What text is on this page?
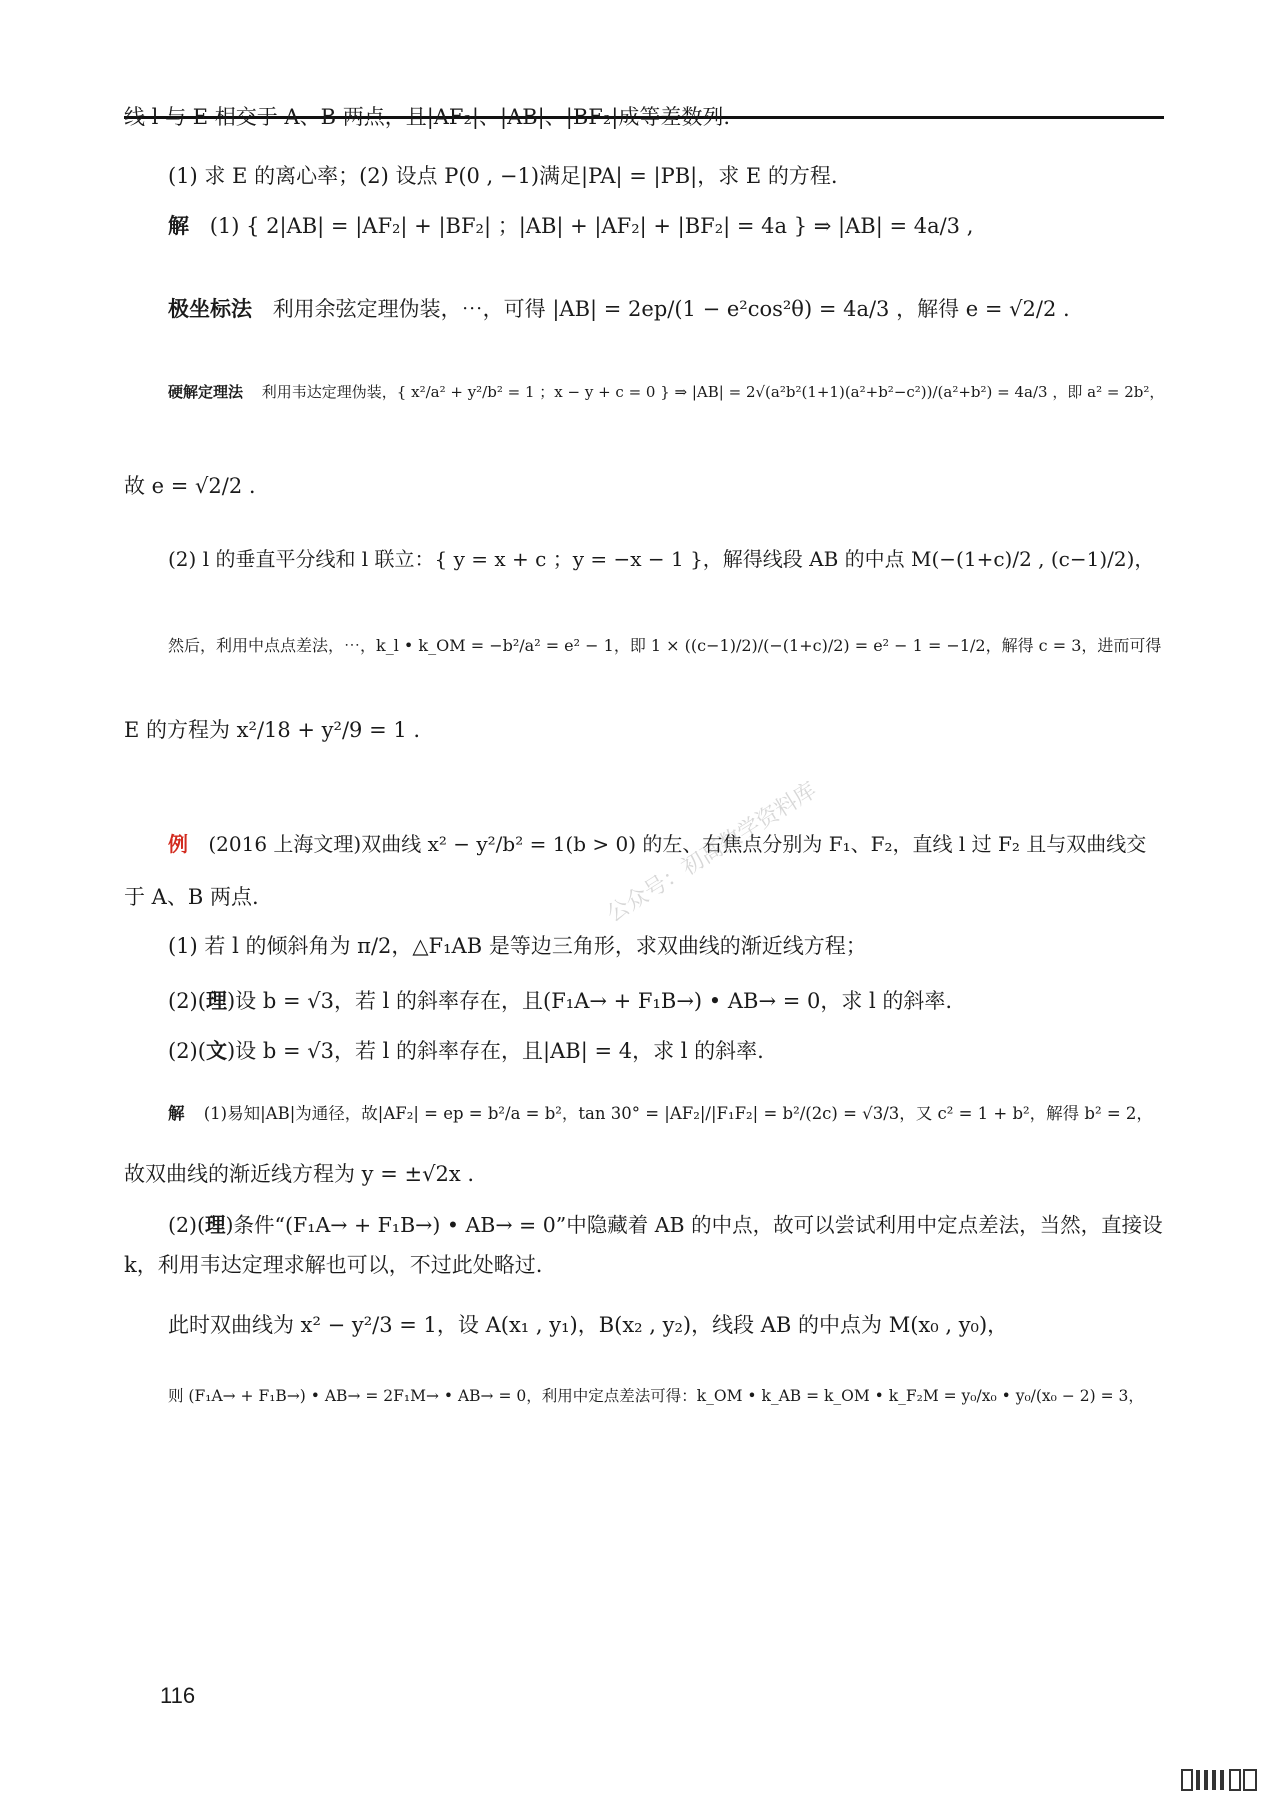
线 l 与 E 相交于 A、B 两点，且|AF₂|、|AB|、|BF₂|成等差数列.
(1) 求 E 的离心率；(2) 设点 P(0 , −1)满足|PA| = |PB|，求 E 的方程.
解 (1) { 2|AB| = |AF₂| + |BF₂| ；|AB| + |AF₂| + |BF₂| = 4a } ⇒ |AB| = 4a/3 ,
极坐标法 利用余弦定理伪装，⋯，可得 |AB| = 2ep/(1 − e²cos²θ) = 4a/3 ，解得 e = √2/2 .
硬解定理法 利用韦达定理伪装，{ x²/a² + y²/b² = 1 ；x − y + c = 0 } ⇒ |AB| = 2√(a²b²(1+1)(a²+b²−c²))/(a²+b²) = 4a/3 ，即 a² = 2b²，
故 e = √2/2 .
(2) l 的垂直平分线和 l 联立：{ y = x + c ；y = −x − 1 }，解得线段 AB 的中点 M(−(1+c)/2 , (c−1)/2)，
然后，利用中点点差法，⋯，k_l • k_OM = −b²/a² = e² − 1，即 1 × ((c−1)/2)/(−(1+c)/2) = e² − 1 = −1/2，解得 c = 3，进而可得
E 的方程为 x²/18 + y²/9 = 1 .
公众号：初高数学资料库
例 (2016 上海文理)双曲线 x² − y²/b² = 1(b > 0) 的左、右焦点分别为 F₁、F₂，直线 l 过 F₂ 且与双曲线交
于 A、B 两点.
(1) 若 l 的倾斜角为 π/2，△F₁AB 是等边三角形，求双曲线的渐近线方程；
(2)(理)设 b = √3，若 l 的斜率存在，且(F₁A→ + F₁B→) • AB→ = 0，求 l 的斜率.
(2)(文)设 b = √3，若 l 的斜率存在，且|AB| = 4，求 l 的斜率.
解 (1)易知|AB|为通径，故|AF₂| = ep = b²/a = b²，tan 30° = |AF₂|/|F₁F₂| = b²/(2c) = √3/3，又 c² = 1 + b²，解得 b² = 2，
故双曲线的渐近线方程为 y = ±√2x .
(2)(理)条件“(F₁A→ + F₁B→) • AB→ = 0”中隐藏着 AB 的中点，故可以尝试利用中定点差法，当然，直接设
k，利用韦达定理求解也可以，不过此处略过.
此时双曲线为 x² − y²/3 = 1，设 A(x₁ , y₁)，B(x₂ , y₂)，线段 AB 的中点为 M(x₀ , y₀)，
则 (F₁A→ + F₁B→) • AB→ = 2F₁M→ • AB→ = 0，利用中定点差法可得：k_OM • k_AB = k_OM • k_F₂M = y₀/x₀ • y₀/(x₀ − 2) = 3，
116
